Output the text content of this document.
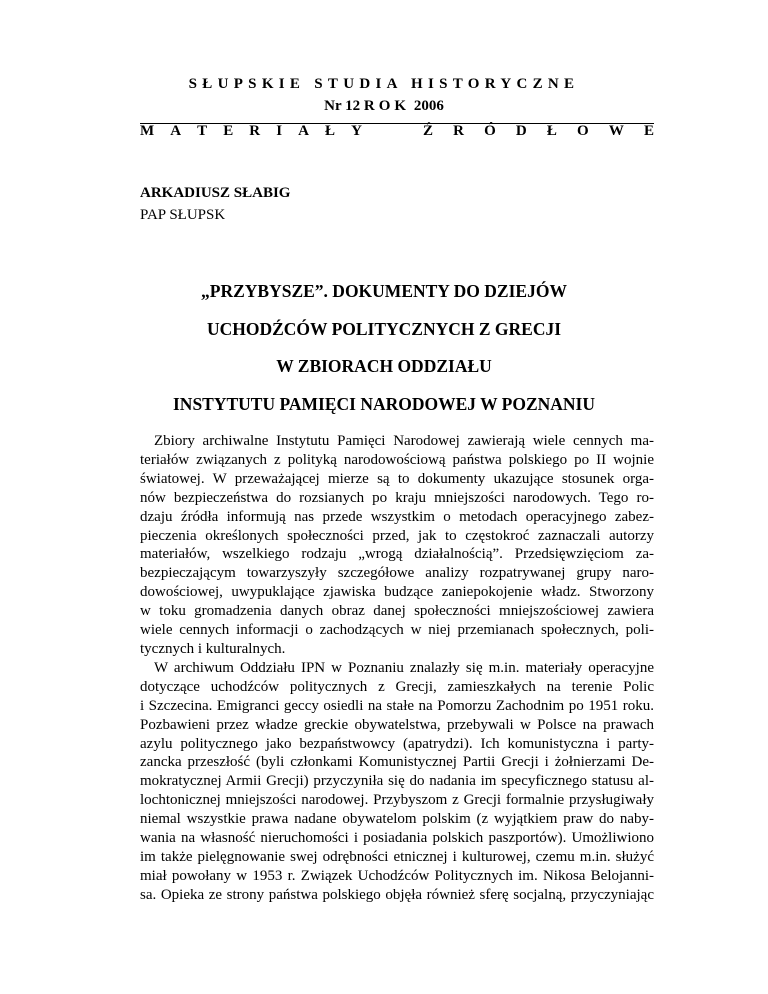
SŁUPSKIE STUDIA HISTORYCZNE
Nr 12 ROK 2006
M A T E R I A Ł Y	Ź R Ó D Ł O W E
ARKADIUSZ SŁABIG
PAP SŁUPSK
„PRZYBYSZE”. DOKUMENTY DO DZIEJÓW
UCHODŹCÓW POLITYCZNYCH Z GRECJI
W ZBIORACH ODDZIAŁU
INSTYTUTU PAMIĘCI NARODOWEJ W POZNANIU
Zbiory archiwalne Instytutu Pamięci Narodowej zawierają wiele cennych ma-
teriałów związanych z polityką narodowościową państwa polskiego po II wojnie
światowej. W przeważającej mierze są to dokumenty ukazujące stosunek orga-
nów bezpieczeństwa do rozsianych po kraju mniejszości narodowych. Tego ro-
dzaju źródła informują nas przede wszystkim o metodach operacyjnego zabez-
pieczenia określonych społeczności przed, jak to częstokroć zaznaczali autorzy
materiałów, wszelkiego rodzaju „wrogą działalnością”. Przedsięwzięciom za-
bezpieczającym towarzyszyły szczegółowe analizy rozpatrywanej grupy naro-
dowościowej, uwypuklające zjawiska budzące zaniepokojenie władz. Stworzony
w toku gromadzenia danych obraz danej społeczności mniejszościowej zawiera
wiele cennych informacji o zachodzących w niej przemianach społecznych, poli-
tycznych i kulturalnych.
W archiwum Oddziału IPN w Poznaniu znalazły się m.in. materiały operacyjne
dotyczące uchodźców politycznych z Grecji, zamieszkałych na terenie Polic
i Szczecina. Emigranci geccy osiedli na stałe na Pomorzu Zachodnim po 1951 roku.
Pozbawieni przez władze greckie obywatelstwa, przebywali w Polsce na prawach
azylu politycznego jako bezpaństwowcy (apatrydzi). Ich komunistyczna i party-
zancka przeszłość (byli członkami Komunistycznej Partii Grecji i żołnierzami De-
mokratycznej Armii Grecji) przyczyniła się do nadania im specyficznego statusu al-
lochtonicznej mniejszości narodowej. Przybyszom z Grecji formalnie przysługiwały
niemal wszystkie prawa nadane obywatelom polskim (z wyjątkiem praw do naby-
wania na własność nieruchomości i posiadania polskich paszportów). Umożliwiono
im także pielęgnowanie swej odrębności etnicznej i kulturowej, czemu m.in. służyć
miał powołany w 1953 r. Związek Uchodźców Politycznych im. Nikosa Belojanni-
sa. Opieka ze strony państwa polskiego objęła również sferę socjalną, przyczyniając
